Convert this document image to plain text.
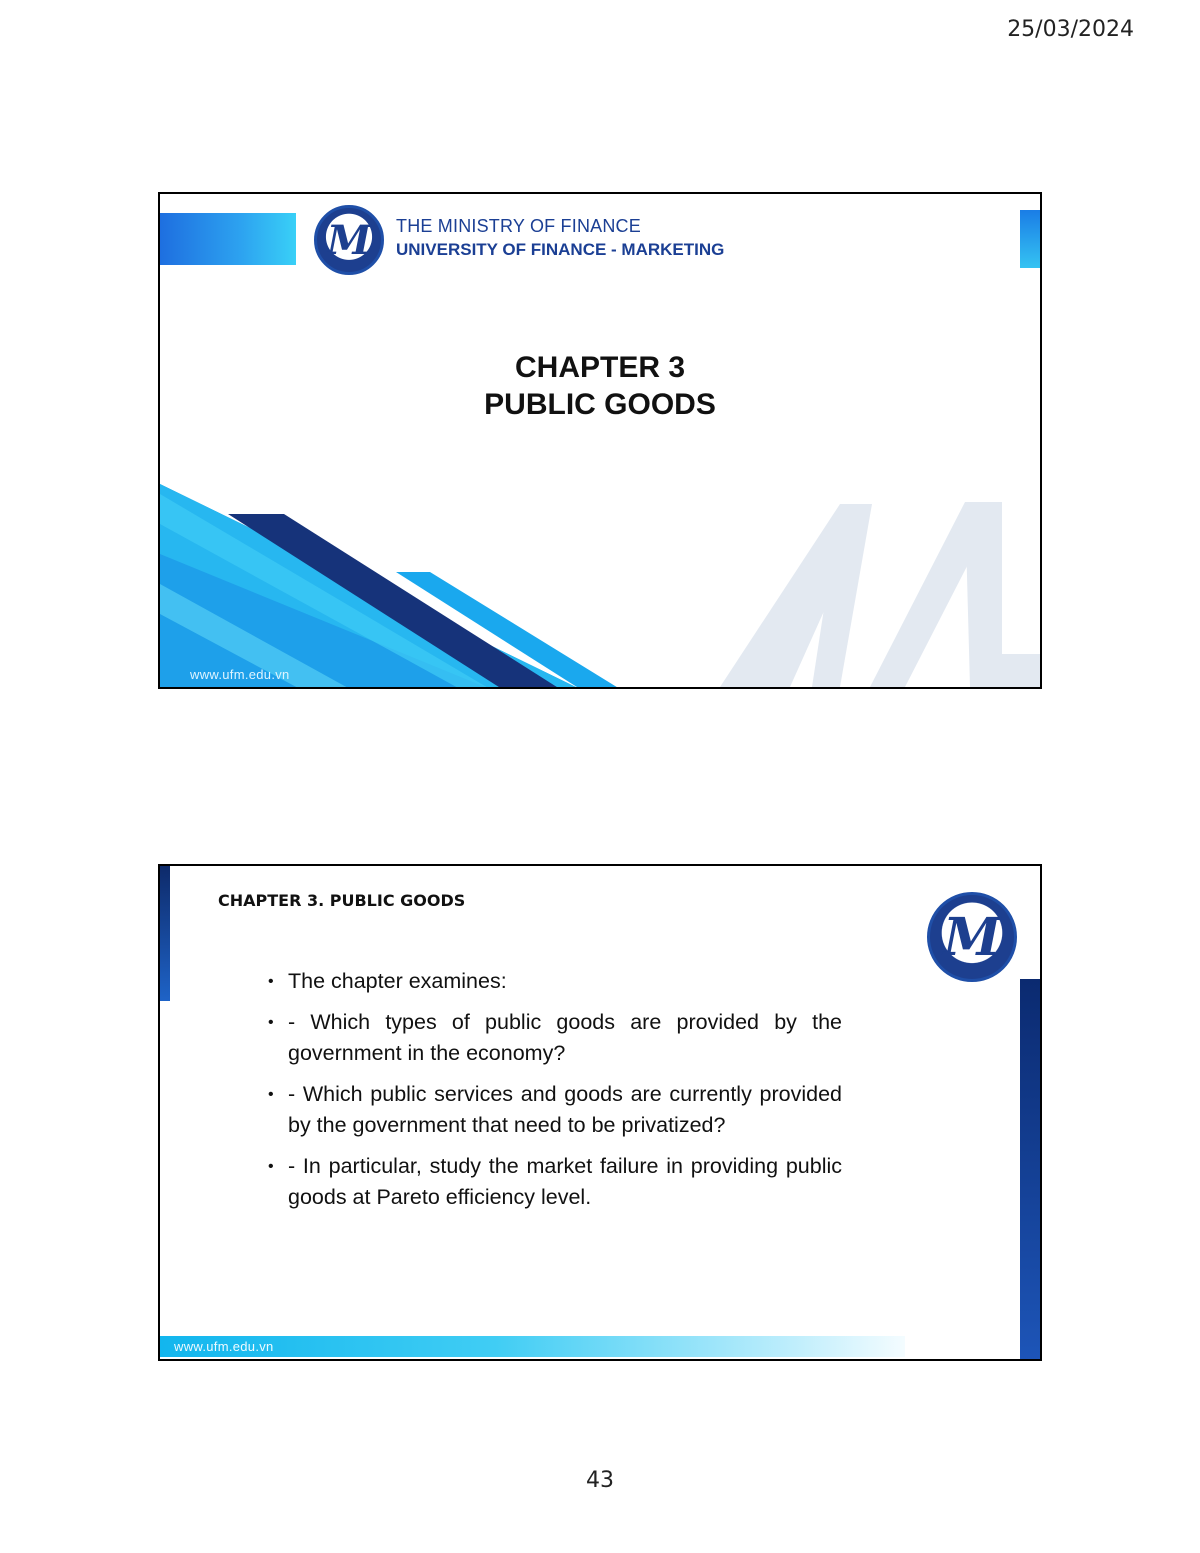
25/03/2024
M	THE MINISTRY OF FINANCE
UNIVERSITY OF FINANCE - MARKETING
CHAPTER 3
PUBLIC GOODS
www.ufm.edu.vn
CHAPTER 3. PUBLIC GOODS
M
• The chapter examines:
• - Which types of public goods are provided by the government in the economy?
• - Which public services and goods are currently provided by the government that need to be privatized?
• - In particular, study the market failure in providing public goods at Pareto efficiency level.
www.ufm.edu.vn
43
